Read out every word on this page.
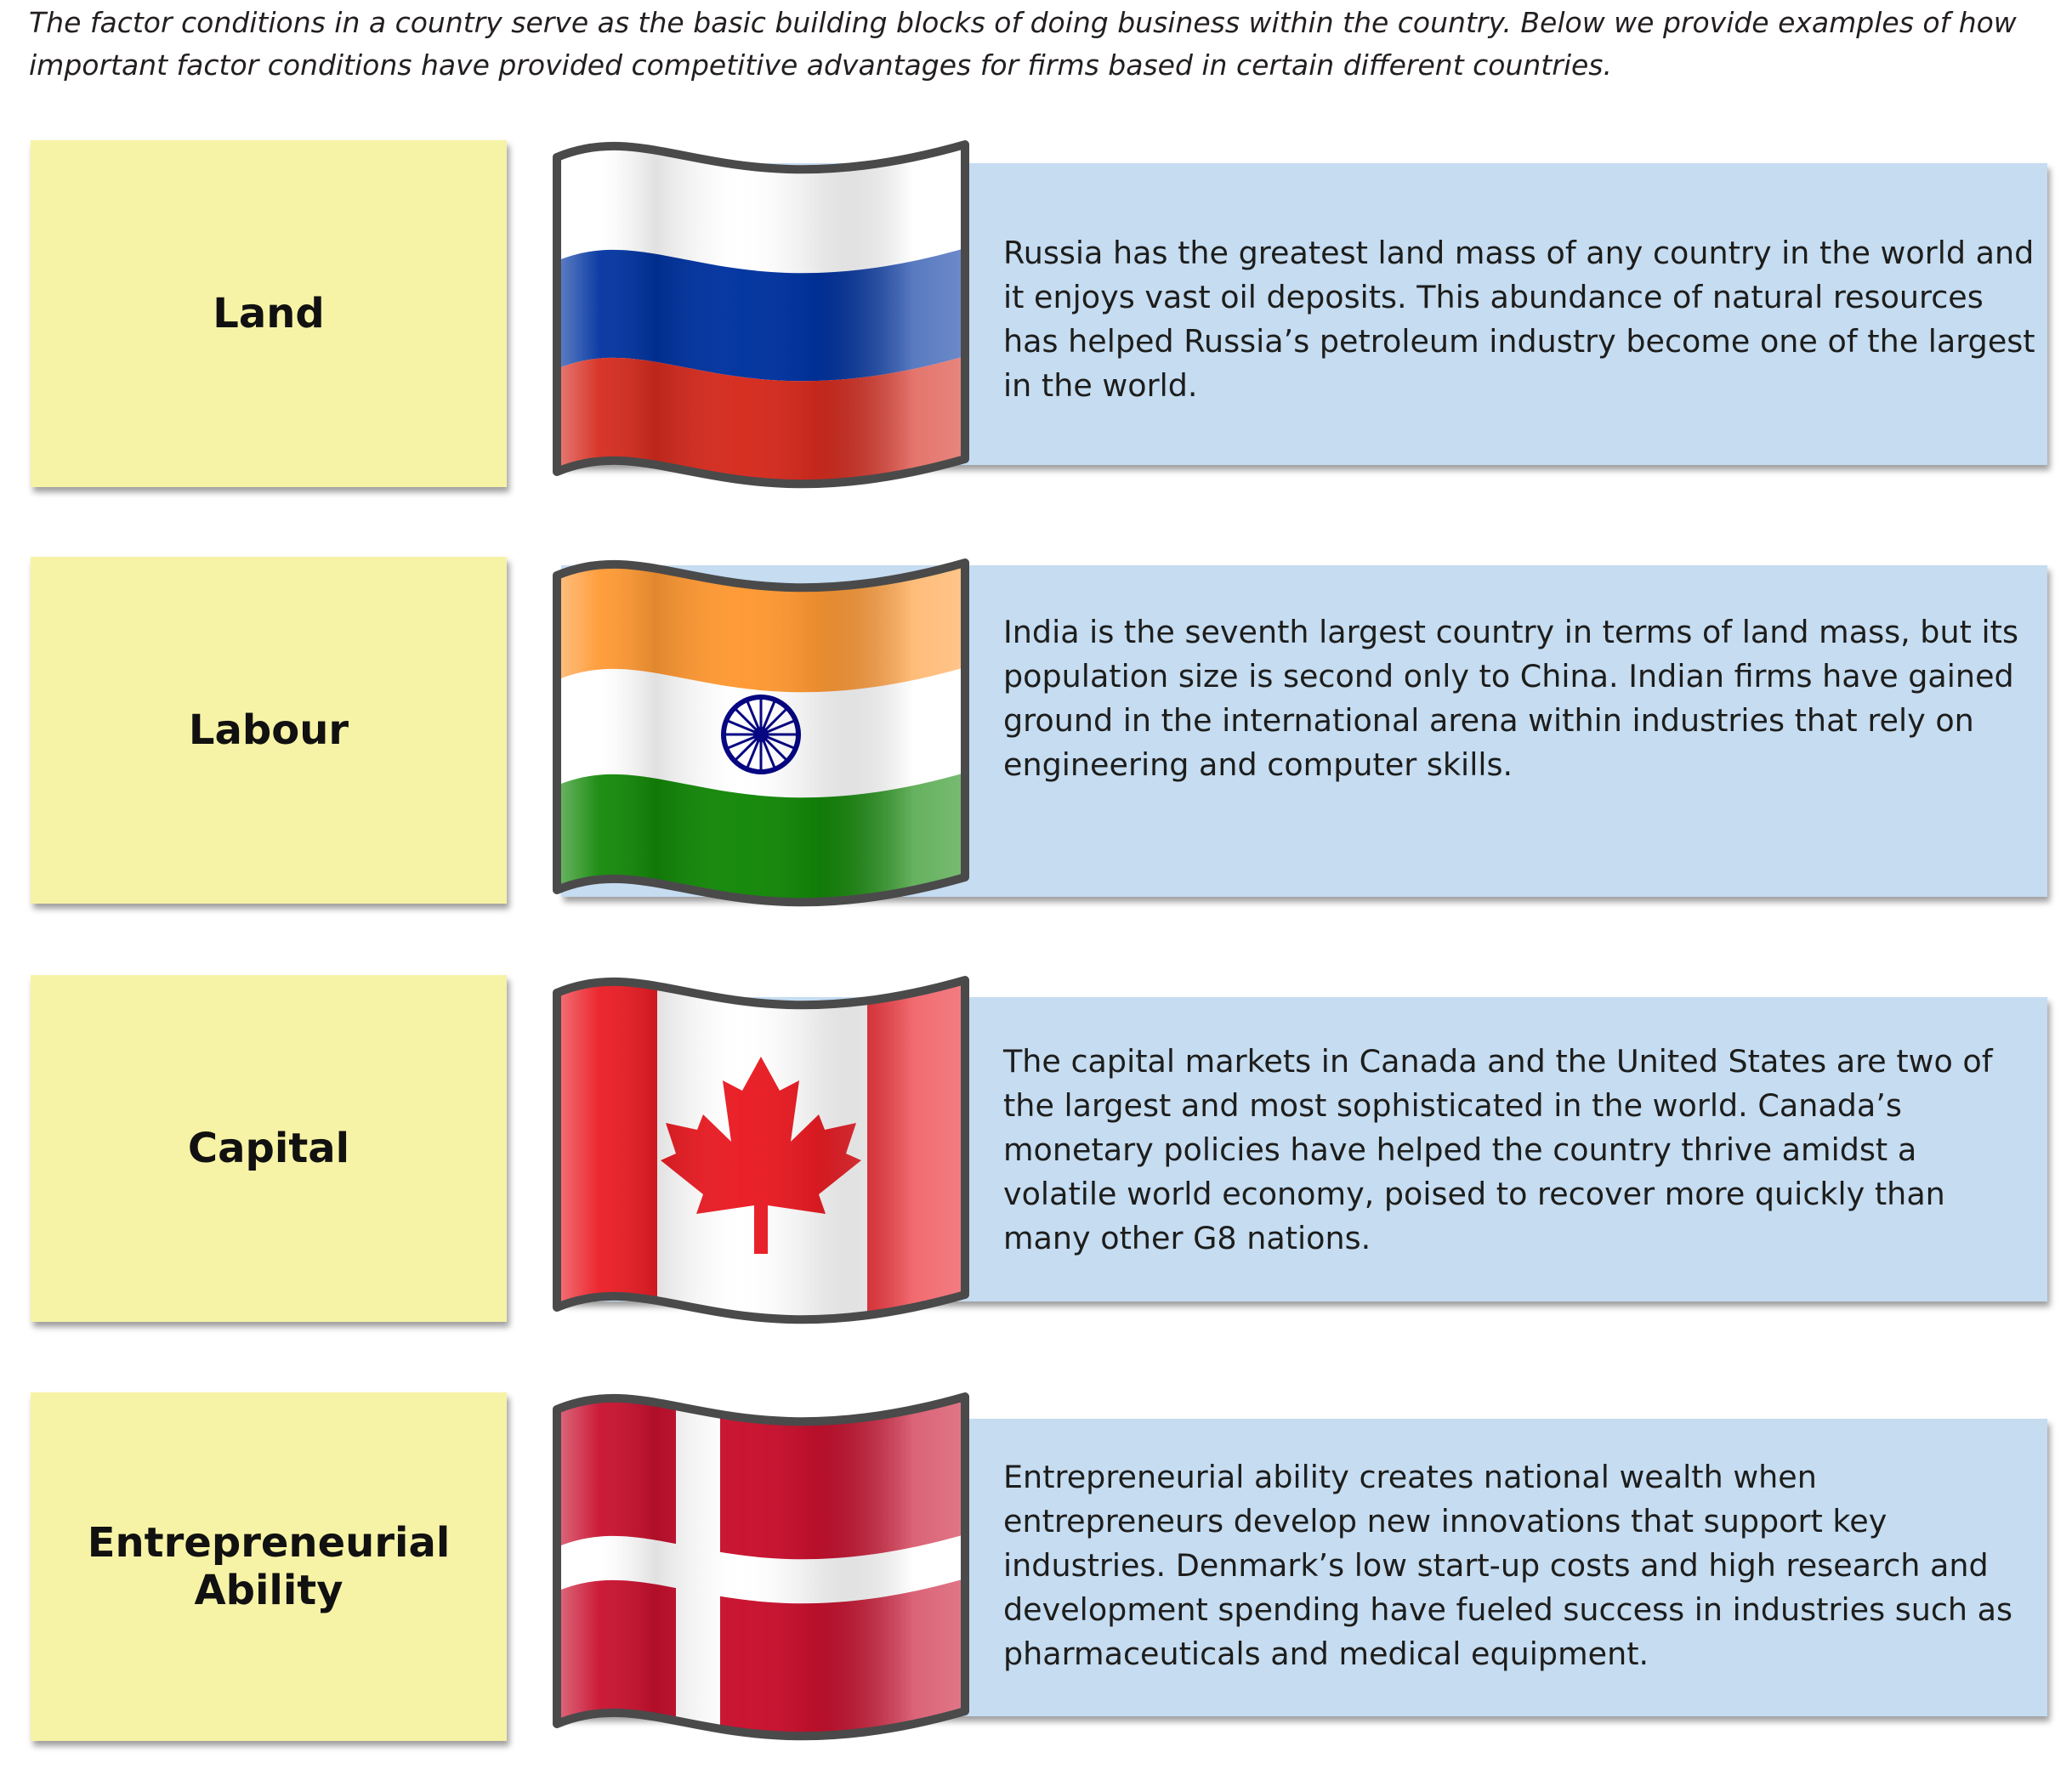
The factor conditions in a country serve as the basic building blocks of doing business within the country. Below we provide examples of how important factor conditions have provided competitive advantages for firms based in certain different countries.

Land

Russia has the greatest land mass of any country in the world and it enjoys vast oil deposits. This abundance of natural resources has helped Russia’s petroleum industry become one of the largest in the world.

Labour

India is the seventh largest country in terms of land mass, but its population size is second only to China. Indian firms have gained ground in the international arena within industries that rely on engineering and computer skills.

Capital

The capital markets in Canada and the United States are two of the largest and most sophisticated in the world. Canada’s monetary policies have helped the country thrive amidst a volatile world economy, poised to recover more quickly than many other G8 nations.

Entrepreneurial
Ability

Entrepreneurial ability creates national wealth when entrepreneurs develop new innovations that support key industries. Denmark’s low start-up costs and high research and development spending have fueled success in industries such as pharmaceuticals and medical equipment.
